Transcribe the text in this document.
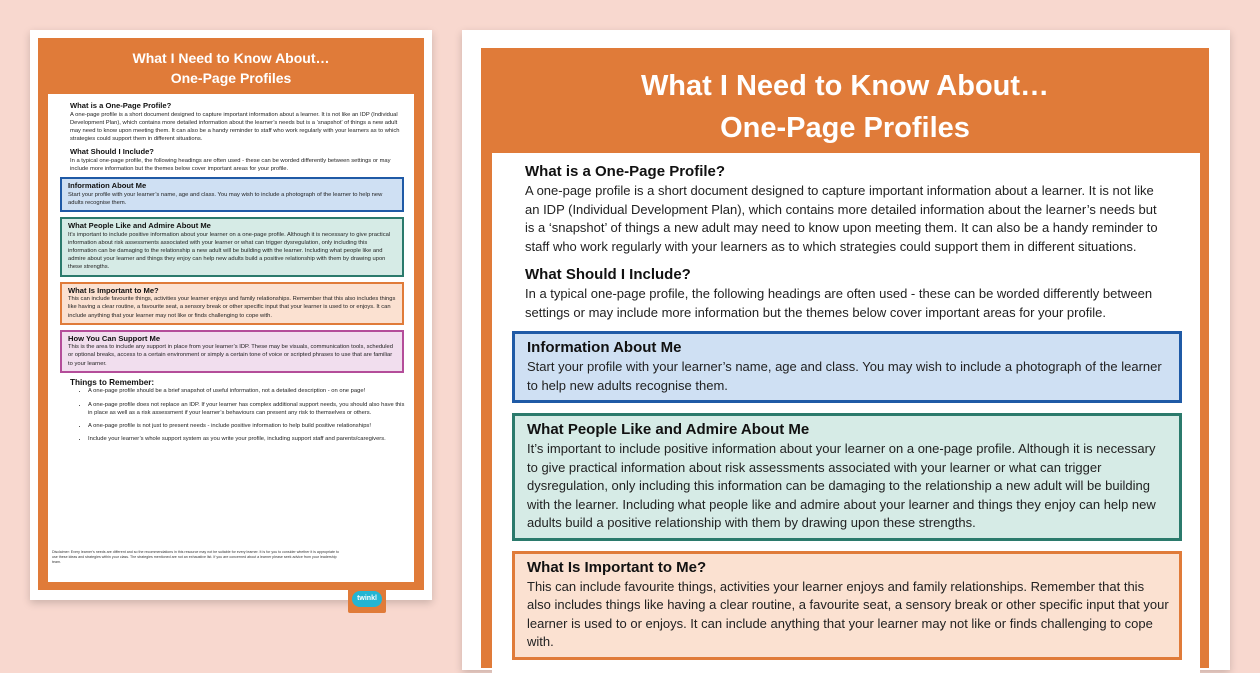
What I Need to Know About…
One-Page Profiles
What is a One-Page Profile?

A one-page profile is a short document designed to capture important information about a learner. It is not like an IDP (Individual Development Plan), which contains more detailed information about the learner’s needs but is a ‘snapshot’ of things a new adult may need to know upon meeting them. It can also be a handy reminder to staff who work regularly with your learners as to which strategies could support them in different situations.

What Should I Include?

In a typical one-page profile, the following headings are often used - these can be worded differently between settings or may include more information but the themes below cover important areas for your profile.

Information About Me

Start your profile with your learner’s name, age and class. You may wish to include a photograph of the learner to help new adults recognise them.

What People Like and Admire About Me

It’s important to include positive information about your learner on a one-page profile. Although it is necessary to give practical information about risk assessments associated with your learner or what can trigger dysregulation, only including this information can be damaging to the relationship a new adult will be building with the learner. Including what people like and admire about your learner and things they enjoy can help new adults build a positive relationship with them by drawing upon these strengths.

What Is Important to Me?

This can include favourite things, activities your learner enjoys and family relationships. Remember that this also includes things like having a clear routine, a favourite seat, a sensory break or other specific input that your learner is used to or enjoys. It can include anything that your learner may not like or finds challenging to cope with.

How You Can Support Me

This is the area to include any support in place from your learner’s IDP. These may be visuals, communication tools, scheduled or optional breaks, access to a certain environment or simply a certain tone of voice or scripted phrases to use that are familiar to your learner.

Things to Remember:
• A one-page profile should be a brief snapshot of useful information, not a detailed description - on one page!
• A one-page profile does not replace an IDP. If your learner has complex additional support needs, you should also have this in place as well as a risk assessment if your learner’s behaviours can present any risk to themselves or others.
• A one-page profile is not just to present needs - include positive information to help build positive relationships!
• Include your learner’s whole support system as you write your profile, including support staff and parents/caregivers.
Disclaimer: Every learner’s needs are different and so the recommendations in this resource may not be suitable for every learner. It is for you to consider whether it is appropriate to use these ideas and strategies within your class. The strategies mentioned are not an exhaustive list. If you are concerned about a learner please seek advice from your leadership team.
twinkl
What I Need to Know About…
One-Page Profiles
What is a One-Page Profile?

A one-page profile is a short document designed to capture important information about a learner. It is not like an IDP (Individual Development Plan), which contains more detailed information about the learner’s needs but is a ‘snapshot’ of things a new adult may need to know upon meeting them. It can also be a handy reminder to staff who work regularly with your learners as to which strategies could support them in different situations.

What Should I Include?

In a typical one-page profile, the following headings are often used - these can be worded differently between settings or may include more information but the themes below cover important areas for your profile.

Information About Me

Start your profile with your learner’s name, age and class. You may wish to include a photograph of the learner to help new adults recognise them.

What People Like and Admire About Me

It’s important to include positive information about your learner on a one-page profile. Although it is necessary to give practical information about risk assessments associated with your learner or what can trigger dysregulation, only including this information can be damaging to the relationship a new adult will be building with the learner. Including what people like and admire about your learner and things they enjoy can help new adults build a positive relationship with them by drawing upon these strengths.

What Is Important to Me?

This can include favourite things, activities your learner enjoys and family relationships. Remember that this also includes things like having a clear routine, a favourite seat, a sensory break or other specific input that your learner is used to or enjoys. It can include anything that your learner may not like or finds challenging to cope with.
